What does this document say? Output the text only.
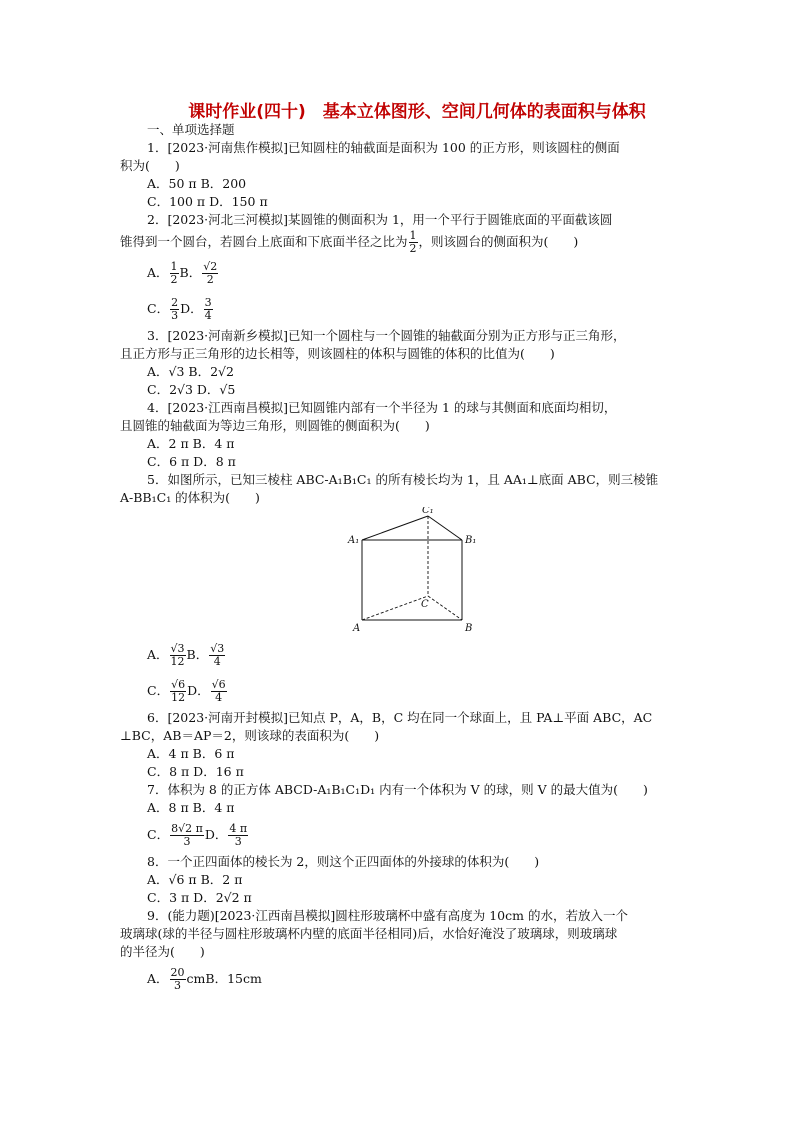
课时作业(四十)　基本立体图形、空间几何体的表面积与体积
一、单项选择题
1．[2023·河南焦作模拟]已知圆柱的轴截面是面积为 100 的正方形，则该圆柱的侧面
积为(　　)
A．50 π B．200
C．100 π D．150 π
2．[2023·河北三河模拟]某圆锥的侧面积为 1，用一个平行于圆锥底面的平面截该圆
锥得到一个圆台，若圆台上底面和下底面半径之比为 $\frac{1}{2}$ ，则该圆台的侧面积为(　　)
A． $\frac{1}{2}$ B． $\frac{√2}{2}$
C． $\frac{2}{3}$ D． $\frac{3}{4}$
3．[2023·河南新乡模拟]已知一个圆柱与一个圆锥的轴截面分别为正方形与正三角形，
且正方形与正三角形的边长相等，则该圆柱的体积与圆锥的体积的比值为(　　)
A．√3 B．2√2
C．2√3 D．√5
4．[2023·江西南昌模拟]已知圆锥内部有一个半径为 1 的球与其侧面和底面均相切，
且圆锥的轴截面为等边三角形，则圆锥的侧面积为(　　)
A．2 π B．4 π
C．6 π D．8 π
5．如图所示，已知三棱柱 ABC-A₁B₁C₁ 的所有棱长均为 1，且 AA₁⊥底面 ABC，则三棱锥
A-BB₁C₁ 的体积为(　　)
C₁
A₁	B₁
C
A	B
A． $\frac{√3}{12}$ B． $\frac{√3}{4}$
C． $\frac{√6}{12}$ D． $\frac{√6}{4}$
6．[2023·河南开封模拟]已知点 P，A，B，C 均在同一个球面上，且 PA⊥平面 ABC，AC
⊥BC，AB＝AP＝2，则该球的表面积为(　　)
A．4 π B．6 π
C．8 π D．16 π
7．体积为 8 的正方体 ABCD-A₁B₁C₁D₁ 内有一个体积为 V 的球，则 V 的最大值为(　　)
A．8 π B．4 π
C． $\frac{8√2 \pi}{3}$ D． $\frac{4 \pi}{3}$
8．一个正四面体的棱长为 2，则这个正四面体的外接球的体积为(　　)
A．√6 π B．2 π
C．3 π D．2√2 π
9．(能力题)[2023·江西南昌模拟]圆柱形玻璃杯中盛有高度为 10cm 的水，若放入一个
玻璃球(球的半径与圆柱形玻璃杯内壁的底面半径相同)后，水恰好淹没了玻璃球，则玻璃球
的半径为(　　)
A． $\frac{20}{3}$ cm B．15cm
